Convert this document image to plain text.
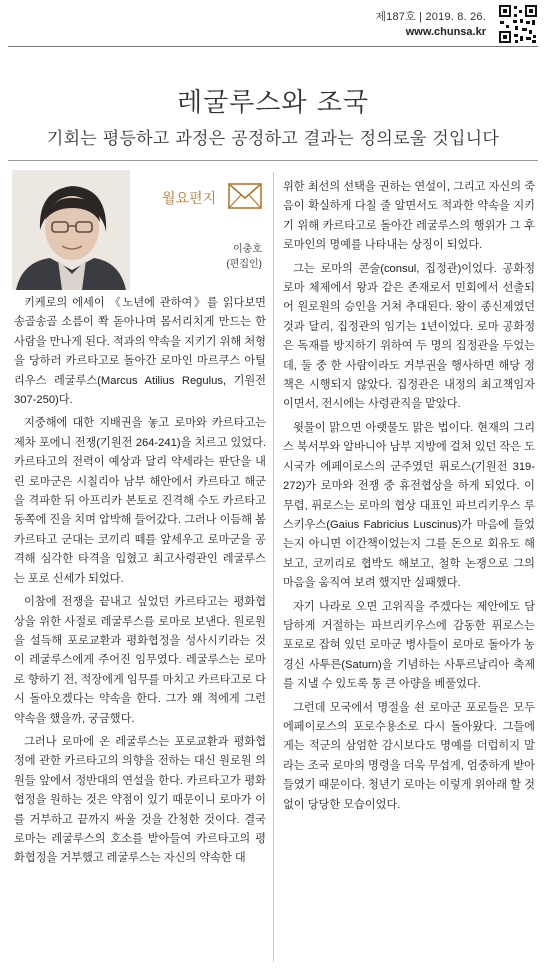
제187호 | 2019. 8. 26.
www.chunsa.kr
레굴루스와 조국
기회는 평등하고 과정은 공정하고 결과는 정의로울 것입니다
월요편지
이충호
(편집인)

키케로의 에세이 《노년에 관하여》를 읽다보면 송골송골 소름이 쫙 돋아나며 몸서리치게 만드는 한 사람을 만나게 된다. 적과의 약속을 지키기 위해 처형을 당하러 카르타고로 돌아간 로마인 마르쿠스 아틸리우스 레굴루스(Marcus Atilius Regulus, 기원전 307-250)다.

지중해에 대한 지배권을 놓고 로마와 카르타고는 제차 포에니 전쟁(기원전 264-241)을 치르고 있었다. 카르타고의 전력이 예상과 달리 약세라는 판단을 내린 로마군은 시칠리아 남부 해안에서 카르타고 해군을 격파한 뒤 아프리카 본토로 진격해 수도 카르타고 동쪽에 진을 치며 압박해 들어갔다. 그러나 이듬해 봄 카르타고 군대는 코끼리 떼를 앞세우고 로마군을 공격해 심각한 타격을 입혔고 최고사령관인 레굴루스는 포로 신세가 되었다.

이참에 전쟁을 끝내고 싶었던 카르타고는 평화협상을 위한 사절로 레굴루스를 로마로 보낸다. 원로원을 설득해 포로교환과 평화협정을 성사시키라는 것이 레굴루스에게 주어진 임무였다. 레굴루스는 로마로 향하기 전, 적장에게 임무를 마치고 카르타고로 다시 돌아오겠다는 약속을 한다. 그가 왜 적에게 그런 약속을 했을까, 궁금했다.

그러나 로마에 온 레굴루스는 포로교환과 평화협정에 관한 카르타고의 의향을 전하는 대신 원로원 의원들 앞에서 정반대의 연설을 한다. 카르타고가 평화협정을 원하는 것은 약점이 있기 때문이니 로마가 이를 거부하고 끝까지 싸울 것을 간청한 것이다. 결국 로마는 레굴루스의 호소를 받아들여 카르타고의 평화협정을 거부했고 레굴루스는 자신의 약속한 대

위한 최선의 선택을 권하는 연설이, 그리고 자신의 죽음이 확실하게 다칠 줄 알면서도 적과한 약속을 지키기 위해 카르타고로 돌아간 레굴루스의 행위가 그 후 로마인의 명예를 나타내는 상징이 되었다.

그는 로마의 콘술(consul, 집정관)이었다. 공화정 로마 체제에서 왕과 같은 존재로서 민회에서 선출되어 원로원의 승인을 거쳐 추대된다. 왕이 종신제였던 것과 달리, 집정관의 임기는 1년이었다. 로마 공화정은 독재를 방지하기 위하여 두 명의 집정관을 두었는데, 둘 중 한 사람이라도 거부권을 행사하면 해당 정책은 시행되지 않았다. 집정관은 내정의 최고책임자이면서, 전시에는 사령관직을 맡았다.

윗물이 맑으면 아랫물도 맑은 법이다. 현재의 그리스 북서부와 알바니아 남부 지방에 걸쳐 있던 작은 도시국가 에페이로스의 군주였던 퓌로스(기원전 319-272)가 로마와 전쟁 중 휴전협상을 하게 되었다. 이 무렵, 퓌로스는 로마의 협상 대표인 파브리키우스 루스키우스(Gaius Fabricius Luscinus)가 마음에 들었는지 아니면 이간책이었는지 그를 돈으로 회유도 해보고, 코끼리로 협박도 해보고, 철학 논쟁으로 그의 마음을 움직여 보려 했지만 실패했다.

자기 나라로 오면 고위직을 주겠다는 제안에도 담담하게 거절하는 파브리키우스에 감동한 퓌로스는 포로로 잡혀 있던 로마군 병사들이 로마로 돌아가 농경신 사투른(Saturn)을 기념하는 사투르날리아 축제를 지낼 수 있도록 통 큰 아량을 베풀었다.

그런데 모국에서 명절을 쇤 로마군 포로들은 모두 에페이로스의 포로수용소로 다시 돌아왔다. 그들에게는 적군의 삼엄한 감시보다도 명예를 더럽히지 말라는 조국 로마의 명령을 더욱 무섭게, 엄중하게 받아들였기 때문이다. 청년기 로마는 이렇게 위아래 할 것 없이 당당한 모습이었다.
